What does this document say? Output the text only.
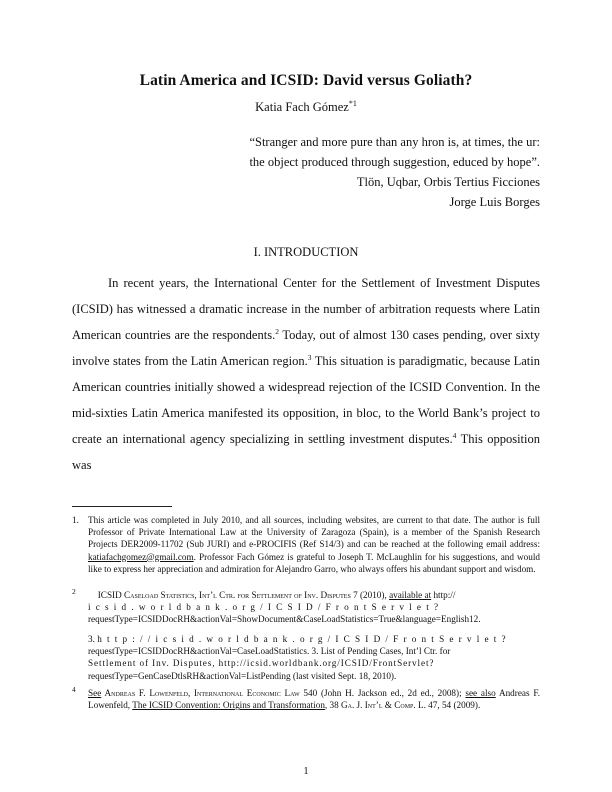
Latin America and ICSID: David versus Goliath?
Katia Fach Gómez$^{*1}$
“Stranger and more pure than any hron is, at times, the ur:
the object produced through suggestion, educed by hope”.
Tlön, Uqbar, Orbis Tertius Ficciones
Jorge Luis Borges
I. INTRODUCTION

In recent years, the International Center for the Settlement of Investment Disputes (ICSID) has witnessed a dramatic increase in the number of arbitration requests where Latin American countries are the respondents.$^2$ Today, out of almost 130 cases pending, over sixty involve states from the Latin American region.$^3$ This situation is paradigmatic, because Latin American countries initially showed a widespread rejection of the ICSID Convention. In the mid-sixties Latin America manifested its opposition, in bloc, to the World Bank’s project to create an international agency specializing in settling investment disputes.$^4$ This opposition was

1. This article was completed in July 2010, and all sources, including websites, are current to that date. The author is full Professor of Private International Law at the University of Zaragoza (Spain), is a member of the Spanish Research Projects DER2009-11702 (Sub JURI) and e-PROCIFIS (Ref S14/3) and can be reached at the following email address: katiafachgomez@gmail.com. Professor Fach Gómez is grateful to Joseph T. McLaughlin for his suggestions, and would like to express her appreciation and admiration for Alejandro Garro, who always offers his abundant support and wisdom.
$^2$ ICSID Caseload Statistics, Int’l Ctr. for Settlement of Inv. Disputes 7 (2010), available at http://
icsid.worldbank.org/ICSID/FrontServlet?
requestType=ICSIDDocRH&actionVal=ShowDocument&CaseLoadStatistics=True&language=English12.
3. http://icsid.worldbank.org/ICSID/FrontServlet?
requestType=ICSIDDocRH&actionVal=CaseLoadStatistics. 3. List of Pending Cases, Int’l Ctr. for
Settlement of Inv. Disputes, http://icsid.worldbank.org/ICSID/FrontServlet?
requestType=GenCaseDtlsRH&actionVal=ListPending (last visited Sept. 18, 2010).
$^4$ See Andreas F. Lowenfeld, International Economic Law 540 (John H. Jackson ed., 2d ed., 2008); see also Andreas F. Lowenfeld, The ICSID Convention: Origins and Transformation, 38 Ga. J. Int’l & Comp. L. 47, 54 (2009).
1
